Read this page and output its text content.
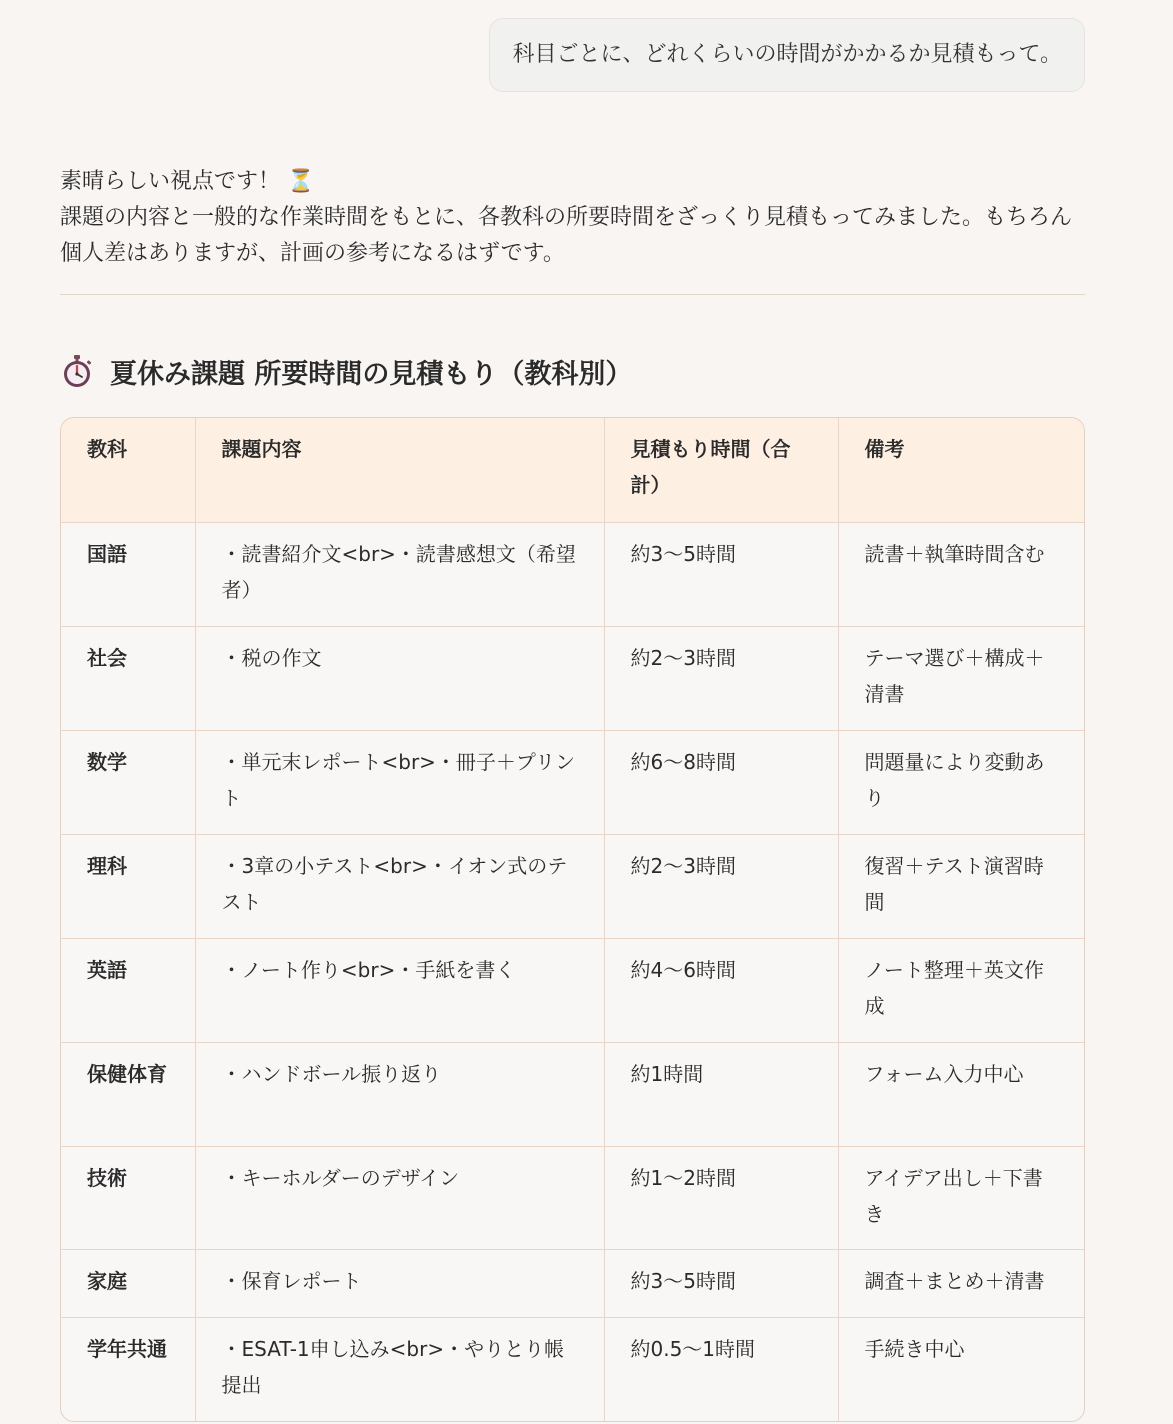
科目ごとに、どれくらいの時間がかかるか見積もって。

素晴らしい視点です！ ⏳

課題の内容と一般的な作業時間をもとに、各教科の所要時間をざっくり見積もってみました。もちろん個人差はありますが、計画の参考になるはずです。

夏休み課題 所要時間の見積もり（教科別）
教科	課題内容	見積もり時間（合計）	備考
国語	・読書紹介文<br>・読書感想文（希望者）	約3〜5時間	読書＋執筆時間含む
社会	・税の作文	約2〜3時間	テーマ選び＋構成＋清書
数学	・単元末レポート<br>・冊子＋プリント	約6〜8時間	問題量により変動あり
理科	・3章の小テスト<br>・イオン式のテスト	約2〜3時間	復習＋テスト演習時間
英語	・ノート作り<br>・手紙を書く	約4〜6時間	ノート整理＋英文作成
保健体育	・ハンドボール振り返り	約1時間	フォーム入力中心
技術	・キーホルダーのデザイン	約1〜2時間	アイデア出し＋下書き
家庭	・保育レポート	約3〜5時間	調査＋まとめ＋清書
学年共通	・ESAT-1申し込み<br>・やりとり帳提出	約0.5〜1時間	手続き中心
